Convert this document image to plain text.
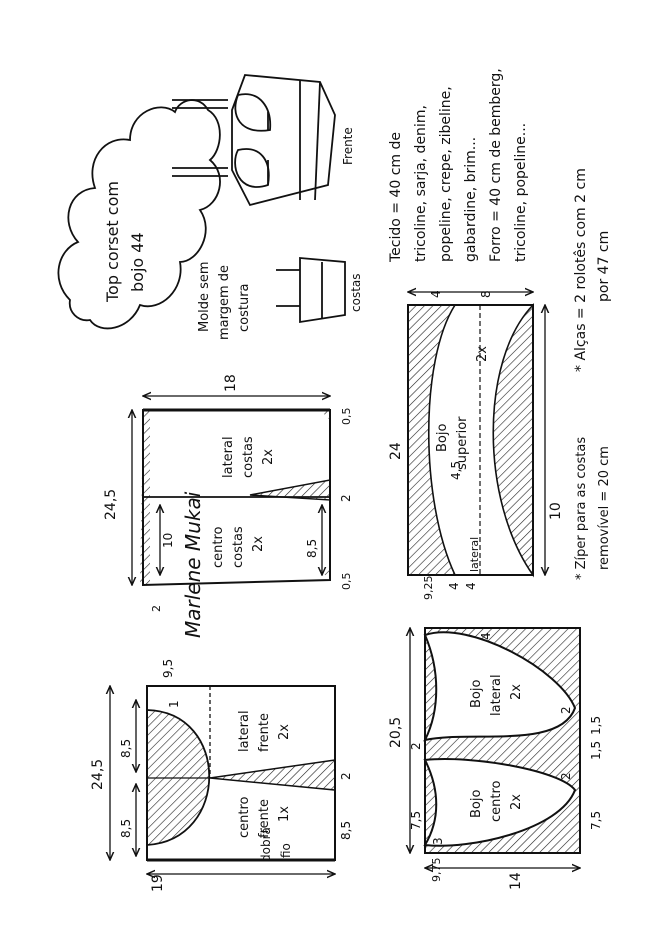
Top corset com bojo 44	Molde sem margem de costura
Frente
costas
Tecido = 40 cm de tricoline, sarja, denim, popeline, crepe, zibeline, gabardine, brim... Forro = 40 cm de bemberg, tricoline, popeline...	* Alças = 2 rolotês com 2 cm por 47 cm
* Zíper para as costas removível = 20 cm
Marlene Mukai
24,5
18
10	8,5
2
0,5
0,5
2
lateral costas 2x
centro costas 2x
24,5
19
9,5
1
8,5
8,5	8,5
2
dobra fio
lateral frente 2x
centro frente 1x
24
10
4	8
4,5
4 4
9,25
Bojo superior
2x
lateral
20,5
14
7,5	7,5
2	1,5
1,5
9,75
4
2
2
3
Bojo lateral 2x
Bojo centro 2x
